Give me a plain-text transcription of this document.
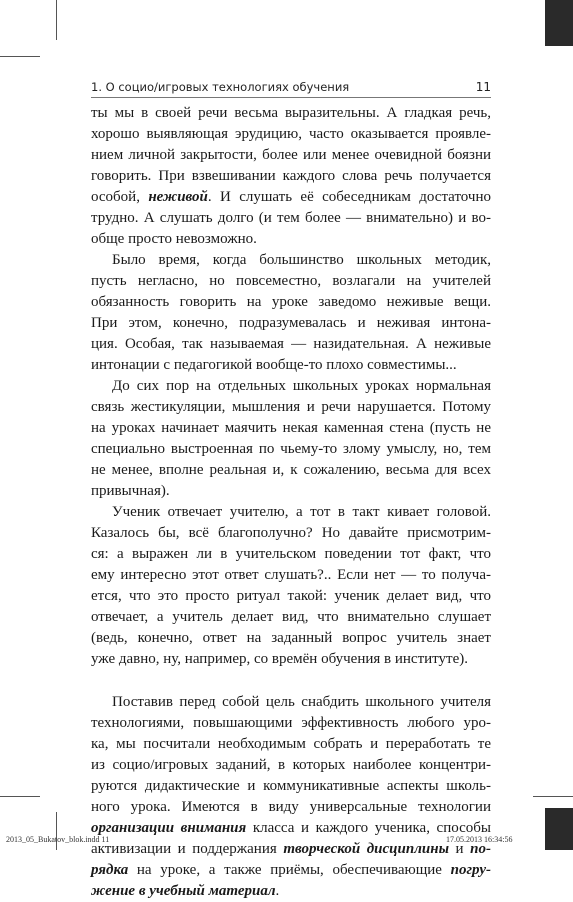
1. О социо/игровых технологиях обучения	11
ты мы в своей речи весьма выразительны. А гладкая речь,
хорошо выявляющая эрудицию, часто оказывается проявле-
нием личной закрытости, более или менее очевидной боязни
говорить. При взвешивании каждого слова речь получается
особой, неживой. И слушать её собеседникам достаточно
трудно. А слушать долго (и тем более — внимательно) и во-
обще просто невозможно.
Было время, когда большинство школьных методик,
пусть негласно, но повсеместно, возлагали на учителей
обязанность говорить на уроке заведомо неживые вещи.
При этом, конечно, подразумевалась и неживая интона-
ция. Особая, так называемая — назидательная. А неживые
интонации с педагогикой вообще-то плохо совместимы...
До сих пор на отдельных школьных уроках нормальная
связь жестикуляции, мышления и речи нарушается. Потому
на уроках начинает маячить некая каменная стена (пусть не
специально выстроенная по чьему-то злому умыслу, но, тем
не менее, вполне реальная и, к сожалению, весьма для всех
привычная).
Ученик отвечает учителю, а тот в такт кивает головой.
Казалось бы, всё благополучно? Но давайте присмотрим-
ся: а выражен ли в учительском поведении тот факт, что
ему интересно этот ответ слушать?.. Если нет — то получа-
ется, что это просто ритуал такой: ученик делает вид, что
отвечает, а учитель делает вид, что внимательно слушает
(ведь, конечно, ответ на заданный вопрос учитель знает
уже давно, ну, например, со времён обучения в институте).
Поставив перед собой цель снабдить школьного учителя
технологиями, повышающими эффективность любого уро-
ка, мы посчитали необходимым собрать и переработать те
из социо/игровых заданий, в которых наиболее концентри-
руются дидактические и коммуникативные аспекты школь-
ного урока. Имеются в виду универсальные технологии
организации внимания класса и каждого ученика, способы
активизации и поддержания творческой дисциплины и по-
рядка на уроке, а также приёмы, обеспечивающие погру-
жение в учебный материал.
2013_05_Bukatov_blok.indd 11	17.05.2013 16:34:56
